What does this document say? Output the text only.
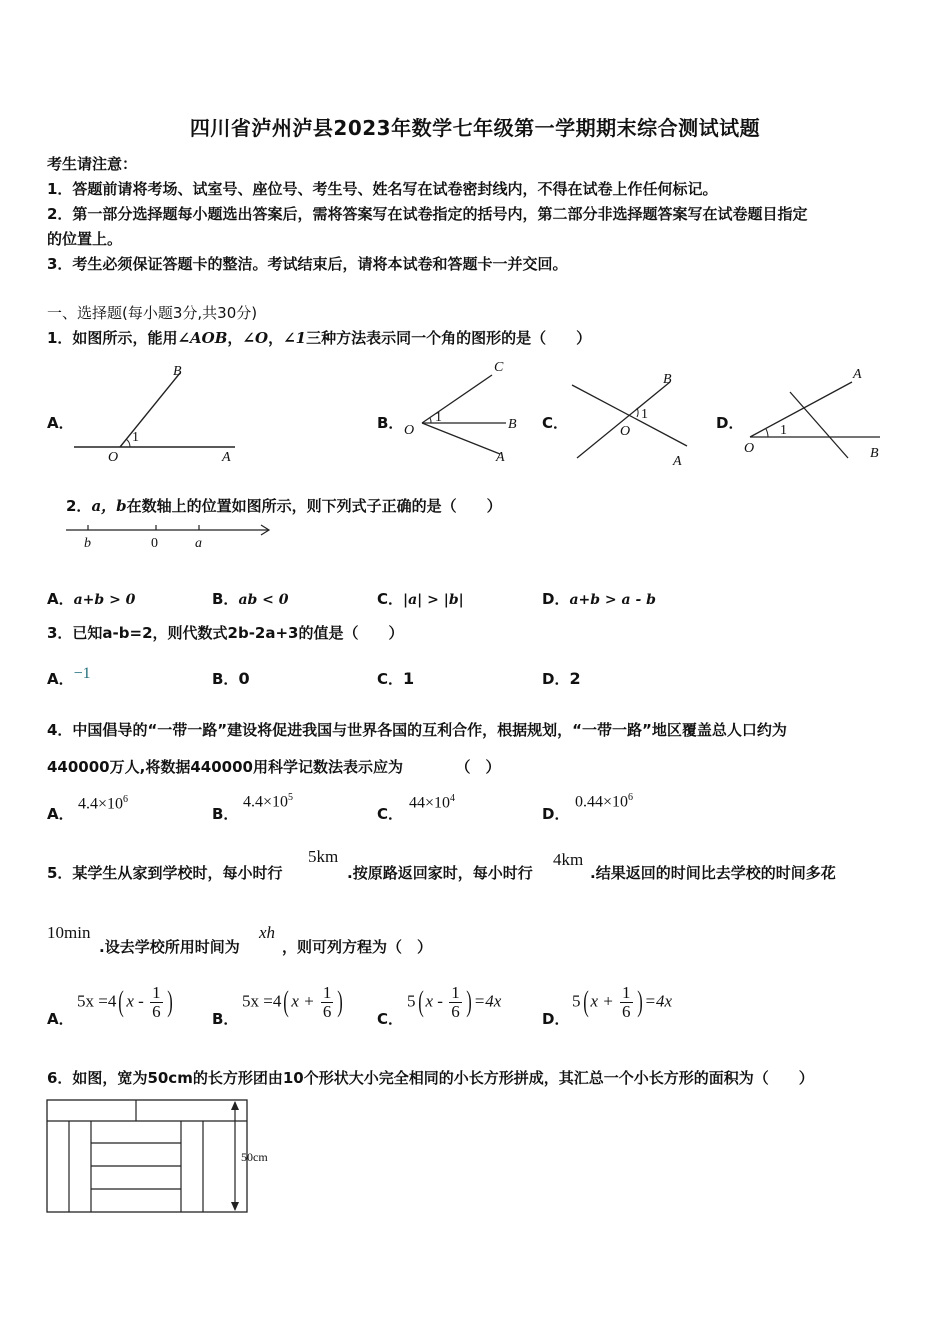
四川省泸州泸县2023年数学七年级第一学期期末综合测试试题
考生请注意：
1．答题前请将考场、试室号、座位号、考生号、姓名写在试卷密封线内，不得在试卷上作任何标记。
2．第一部分选择题每小题选出答案后，需将答案写在试卷指定的括号内，第二部分非选择题答案写在试卷题目指定
的位置上。
3．考生必须保证答题卡的整洁。考试结束后，请将本试卷和答题卡一并交回。
一、选择题(每小题3分,共30分)
1．如图所示，能用∠AOB，∠O，∠1三种方法表示同一个角的图形的是（　　）
A．
O	A
B
1
B． O
C
B
A
1	C．	O
B
A
1	D．
O
A
B
1
2．a，b在数轴上的位置如图所示，则下列式子正确的是（　　）
b	0	a
A．a+b > 0	B．ab < 0	C．|a| > |b|	D．a+b > a - b
3．已知a-b=2，则代数式2b-2a+3的值是（　　）
A．−1	B．0	C．1	D．2
4．中国倡导的“一带一路”建设将促进我国与世界各国的互利合作，根据规划，“一带一路”地区覆盖总人口约为
440000万人,将数据440000用科学记数法表示应为　　　　（　）
A．
$4.4\times 10^6$
B．
$4.4\times 10^5$
C．
$44\times 10^4$
D．
$0.44\times 10^6$
5．某学生从家到学校时，每小时行
5km
.按原路返回家时，每小时行
4km
.结果返回的时间比去学校的时间多花
10min
.设去学校所用时间为
xh
，则可列方程为（　）
A．
5x =4( x - $\frac{1}{6}$ )
B．
5x =4( $x + \frac{1}{6}$ )
C．
5( x - $\frac{1}{6}$ ) =4x
D．
5( $x + \frac{1}{6}$ ) =4x
6．如图，宽为50cm的长方形团由10个形状大小完全相同的小长方形拼成，其汇总一个小长方形的面积为（　　）
50cm
